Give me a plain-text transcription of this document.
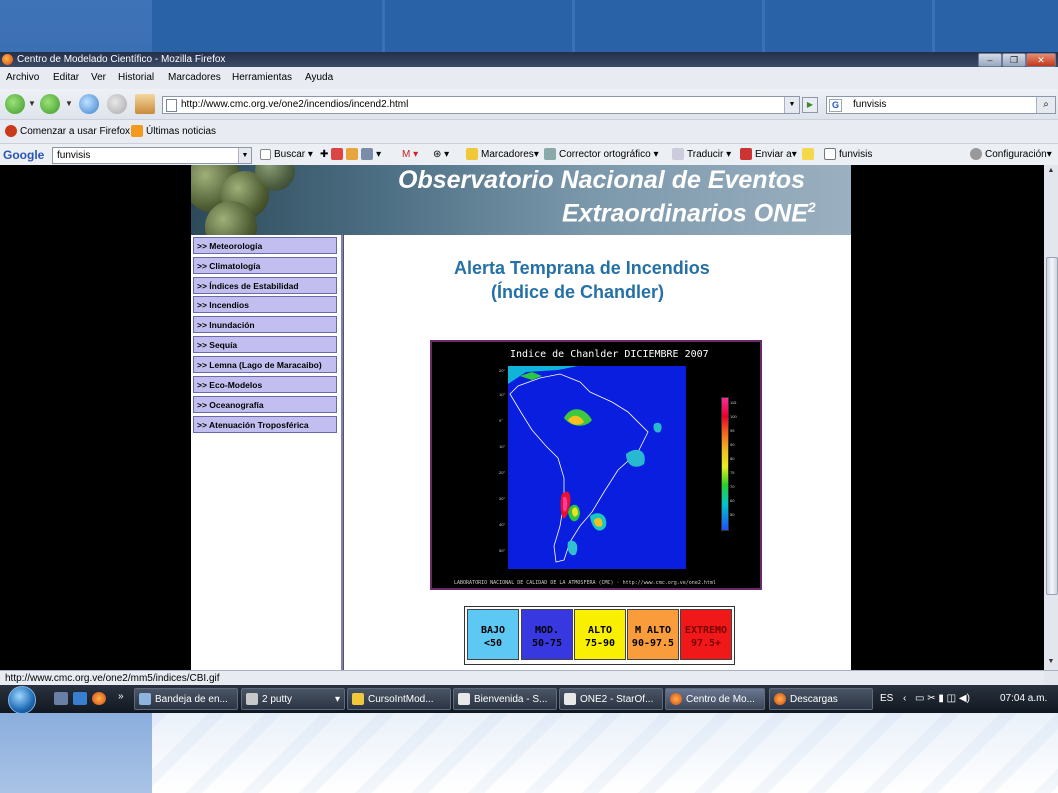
Centro de Modelado Científico - Mozilla Firefox	–	❐	✕
Archivo Editar Ver Historial Marcadores Herramientas Ayuda
▼	▼	http://www.cmc.org.ve/one2/incendios/incend2.html	▼	▶	G	funvisis	⌕
Comenzar a usar Firefox	Últimas noticias
Google funvisis	▼	Buscar ▾ ✚	▾ M ▾ ⊛ ▾	Marcadores▾	Corrector ortográfico ▾	Traducir ▾	Enviar a▾	funvisis	Configuración▾
Observatorio Nacional de Eventos
Extraordinarios $ONE^2$
>> Meteorología
>> Climatología
>> Índices de Estabilidad
>> Incendios
>> Inundación
>> Sequía
>> Lemna (Lago de Maracaibo)
>> Eco-Modelos
>> Oceanografía
>> Atenuación Troposférica
Alerta Temprana de Incendios
(Índice de Chandler)
Indice de Chanlder DICIEMBRE 2007
20°
10°
0°
10°
20°
30°
40°
50°
115
100
95
90
80
75
70
60
50
LABORATORIO NACIONAL DE CALIDAD DE LA ATMOSFERA (CMC) · http://www.cmc.org.ve/one2.html
BAJO
<50
MOD.
50-75
ALTO
75-90
M ALTO
90-97.5
EXTREMO
97.5+
▲
▼
http://www.cmc.org.ve/one2/mm5/indices/CBI.gif
»	Bandeja de en...	2 putty	▾	CursoIntMod...	Bienvenida - S...	ONE2 - StarOf...	Centro de Mo...	Descargas	ES ‹ ▭ ✂ ▮ ◫ ◀)	07:04 a.m.
